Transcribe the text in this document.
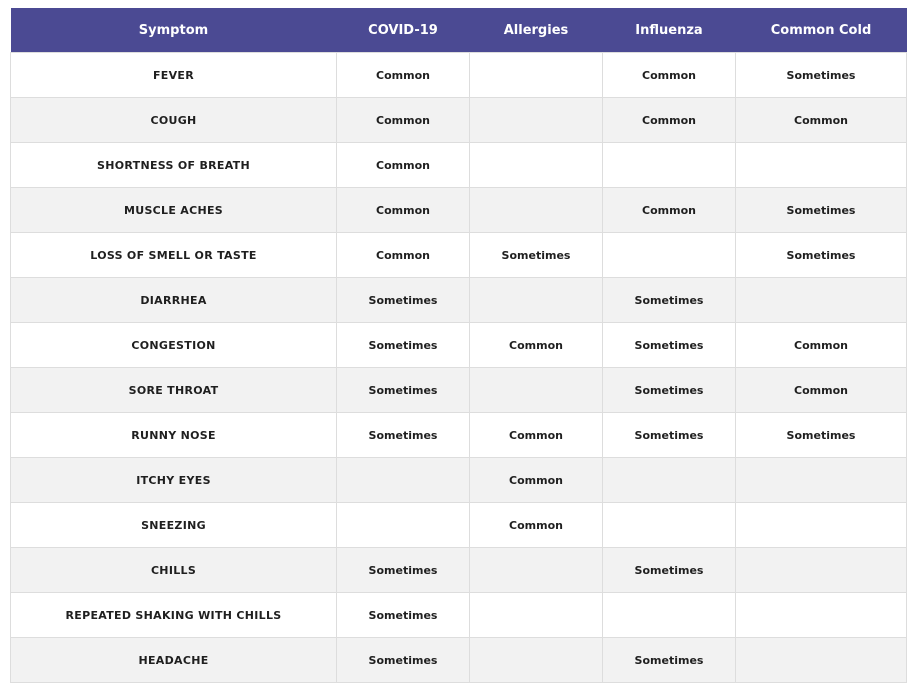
Symptom	COVID-19	Allergies	Influenza	Common Cold
FEVER	Common		Common	Sometimes
COUGH	Common		Common	Common
SHORTNESS OF BREATH	Common			
MUSCLE ACHES	Common		Common	Sometimes
LOSS OF SMELL OR TASTE	Common	Sometimes		Sometimes
DIARRHEA	Sometimes		Sometimes	
CONGESTION	Sometimes	Common	Sometimes	Common
SORE THROAT	Sometimes		Sometimes	Common
RUNNY NOSE	Sometimes	Common	Sometimes	Sometimes
ITCHY EYES		Common		
SNEEZING		Common		
CHILLS	Sometimes		Sometimes	
REPEATED SHAKING WITH CHILLS	Sometimes			
HEADACHE	Sometimes		Sometimes	
